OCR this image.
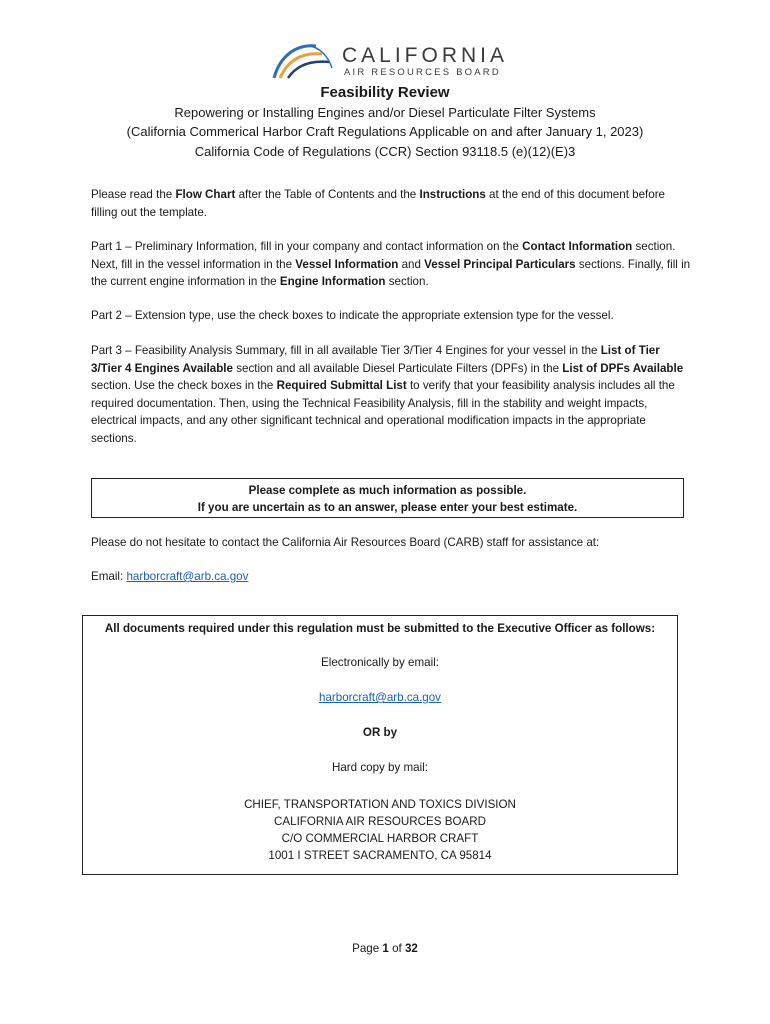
CALIFORNIA
AIR RESOURCES BOARD
Feasibility Review
Repowering or Installing Engines and/or Diesel Particulate Filter Systems
(California Commerical Harbor Craft Regulations Applicable on and after January 1, 2023)
California Code of Regulations (CCR) Section 93118.5 (e)(12)(E)3
Please read the Flow Chart after the Table of Contents and the Instructions at the end of this document before filling out the template.
Part 1 – Preliminary Information, fill in your company and contact information on the Contact Information section. Next, fill in the vessel information in the Vessel Information and Vessel Principal Particulars sections. Finally, fill in the current engine information in the Engine Information section.
Part 2 – Extension type, use the check boxes to indicate the appropriate extension type for the vessel.
Part 3 – Feasibility Analysis Summary, fill in all available Tier 3/Tier 4 Engines for your vessel in the List of Tier 3/Tier 4 Engines Available section and all available Diesel Particulate Filters (DPFs) in the List of DPFs Available section. Use the check boxes in the Required Submittal List to verify that your feasibility analysis includes all the required documentation. Then, using the Technical Feasibility Analysis, fill in the stability and weight impacts, electrical impacts, and any other significant technical and operational modification impacts in the appropriate sections.
Please complete as much information as possible.
If you are uncertain as to an answer, please enter your best estimate.
Please do not hesitate to contact the California Air Resources Board (CARB) staff for assistance at:
Email: harborcraft@arb.ca.gov
All documents required under this regulation must be submitted to the Executive Officer as follows:
Electronically by email:
harborcraft@arb.ca.gov
OR by
Hard copy by mail:
CHIEF, TRANSPORTATION AND TOXICS DIVISION
CALIFORNIA AIR RESOURCES BOARD
C/O COMMERCIAL HARBOR CRAFT
1001 I STREET SACRAMENTO, CA 95814
Page 1 of 32
